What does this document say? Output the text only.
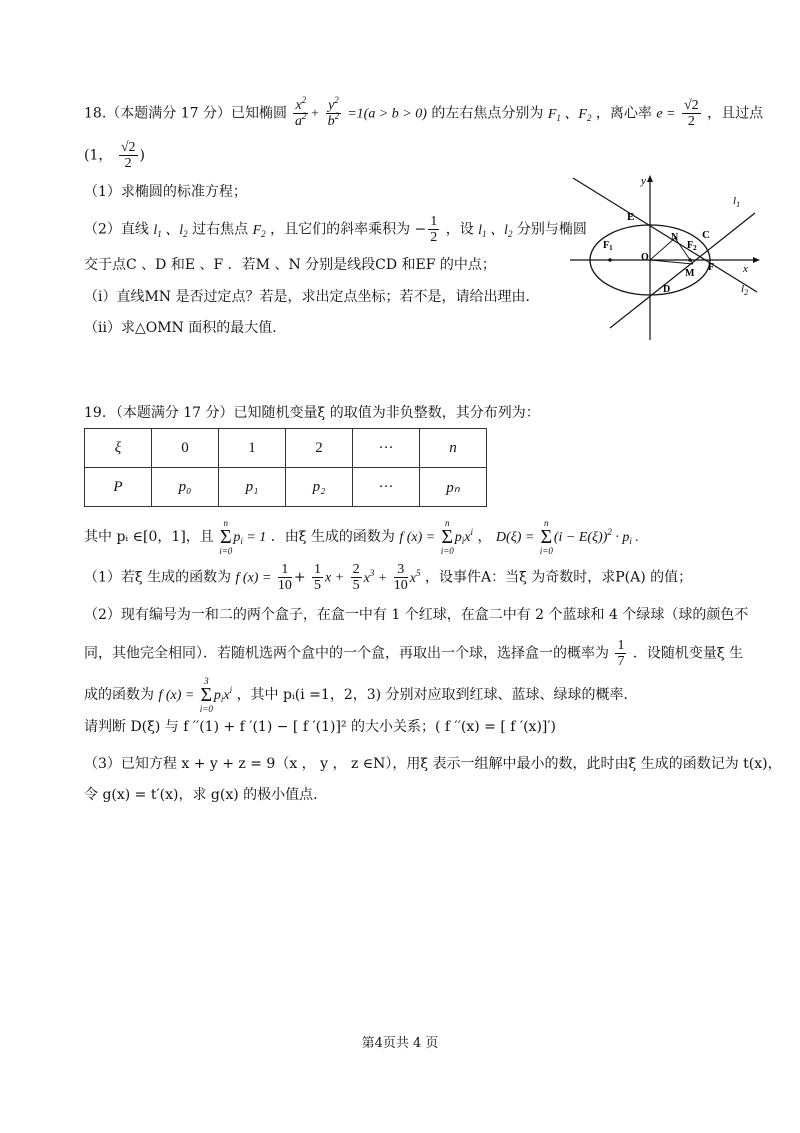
18.（本题满分 17 分）已知椭圆 $\frac{x^2}{a^2} + \frac{y^2}{b^2} =1(a > b > 0)$ 的左右焦点分别为 $F_1$ 、$F_2$ ，离心率 $e = \frac{√2}{2}$ ，且过点
(1， $\frac{√2}{2}$ )
（1）求椭圆的标准方程；
（2）直线 $l_1$ 、$l_2$ 过右焦点 $F_2$ ，且它们的斜率乘积为 − $\frac{1}{2}$ ，设 $l_1$ 、$l_2$ 分别与椭圆
交于点C 、D 和E 、F ．若M 、N 分别是线段CD 和EF 的中点；
（i）直线MN 是否过定点？若是，求出定点坐标；若不是，请给出理由．
（ii）求△OMN 面积的最大值．
y
x
$l_1$
$l_2$
E
C
N
$F_2$
$F_1$
O
M
F
D
19．（本题满分 17 分）已知随机变量ξ 的取值为非负整数，其分布列为：
ξ	0	1	2	···	n
P	p₀	p₁	p₂	···	pₙ
其中 pᵢ ∈[0，1]，且
n
Σ
i=0
$p_i = 1$ ．由ξ 生成的函数为 f (x) =
n
Σ
i=0
$p_ix^i$ ， D(ξ) =
n
Σ
i=0
$(i - E(\xi))^2 \cdot p_i$ .
（1）若ξ 生成的函数为 f $(x) = \frac{1}{10} + \frac{1}{5}$ $x + \frac{2}{5} x^3 + \frac{3}{10} x^5$ ，设事件A：当ξ 为奇数时，求P(A) 的值；
（2）现有编号为一和二的两个盒子，在盒一中有 1 个红球，在盒二中有 2 个蓝球和 4 个绿球（球的颜色不
同，其他完全相同）．若随机选两个盒中的一个盒，再取出一个球，选择盒一的概率为 $\frac{1}{7}$ ．设随机变量ξ 生
成的函数为 f (x) =
3
Σ
i=0
$p_ix^i$ ，其中 pᵢ(i =1，2，3) 分别对应取到红球、蓝球、绿球的概率．
请判断 D(ξ) 与 f ′′(1) + f ′(1) − [ f ′(1)]² 的大小关系；( f ′′(x) = [ f ′(x)]′)
（3）已知方程 x + y + z = 9（x ， y ， z ∈N），用ξ 表示一组解中最小的数，此时由ξ 生成的函数记为 t(x)，
令 g(x) = t′(x)，求 g(x) 的极小值点．
第4页共 4 页
